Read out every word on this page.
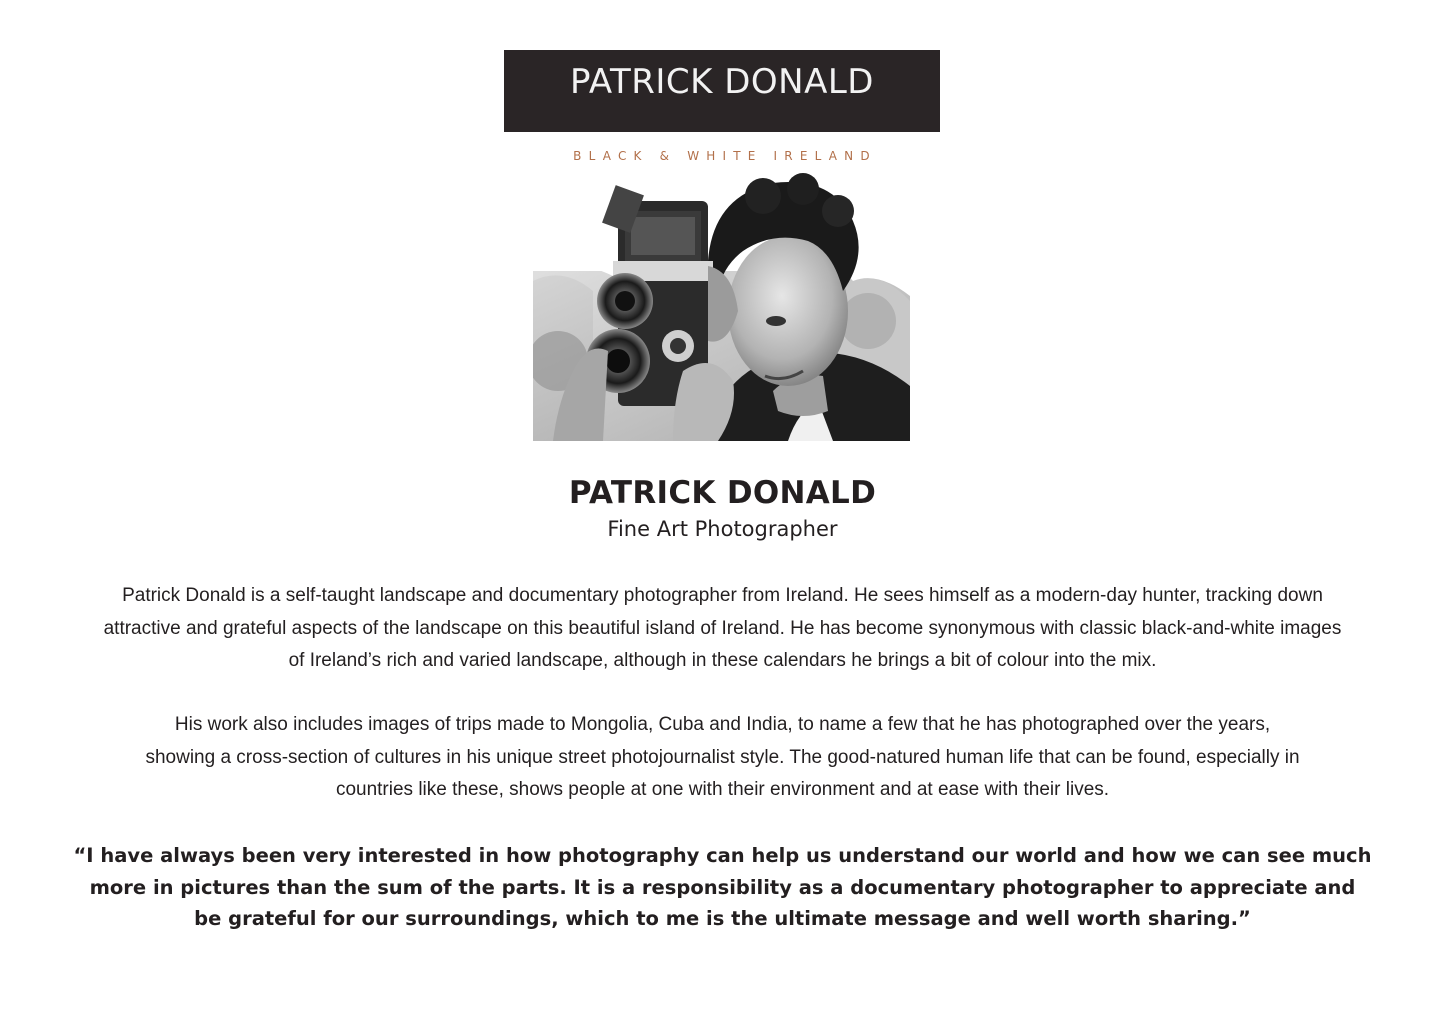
PATRICK DONALD
BLACK & WHITE IRELAND
PATRICK DONALD
Fine Art Photographer
Patrick Donald is a self-taught landscape and documentary photographer from Ireland. He sees himself as a modern-day hunter, tracking down
attractive and grateful aspects of the landscape on this beautiful island of Ireland. He has become synonymous with classic black-and-white images
of Ireland’s rich and varied landscape, although in these calendars he brings a bit of colour into the mix.
His work also includes images of trips made to Mongolia, Cuba and India, to name a few that he has photographed over the years,
showing a cross-section of cultures in his unique street photojournalist style. The good-natured human life that can be found, especially in
countries like these, shows people at one with their environment and at ease with their lives.
“I have always been very interested in how photography can help us understand our world and how we can see much
more in pictures than the sum of the parts. It is a responsibility as a documentary photographer to appreciate and
be grateful for our surroundings, which to me is the ultimate message and well worth sharing.”
